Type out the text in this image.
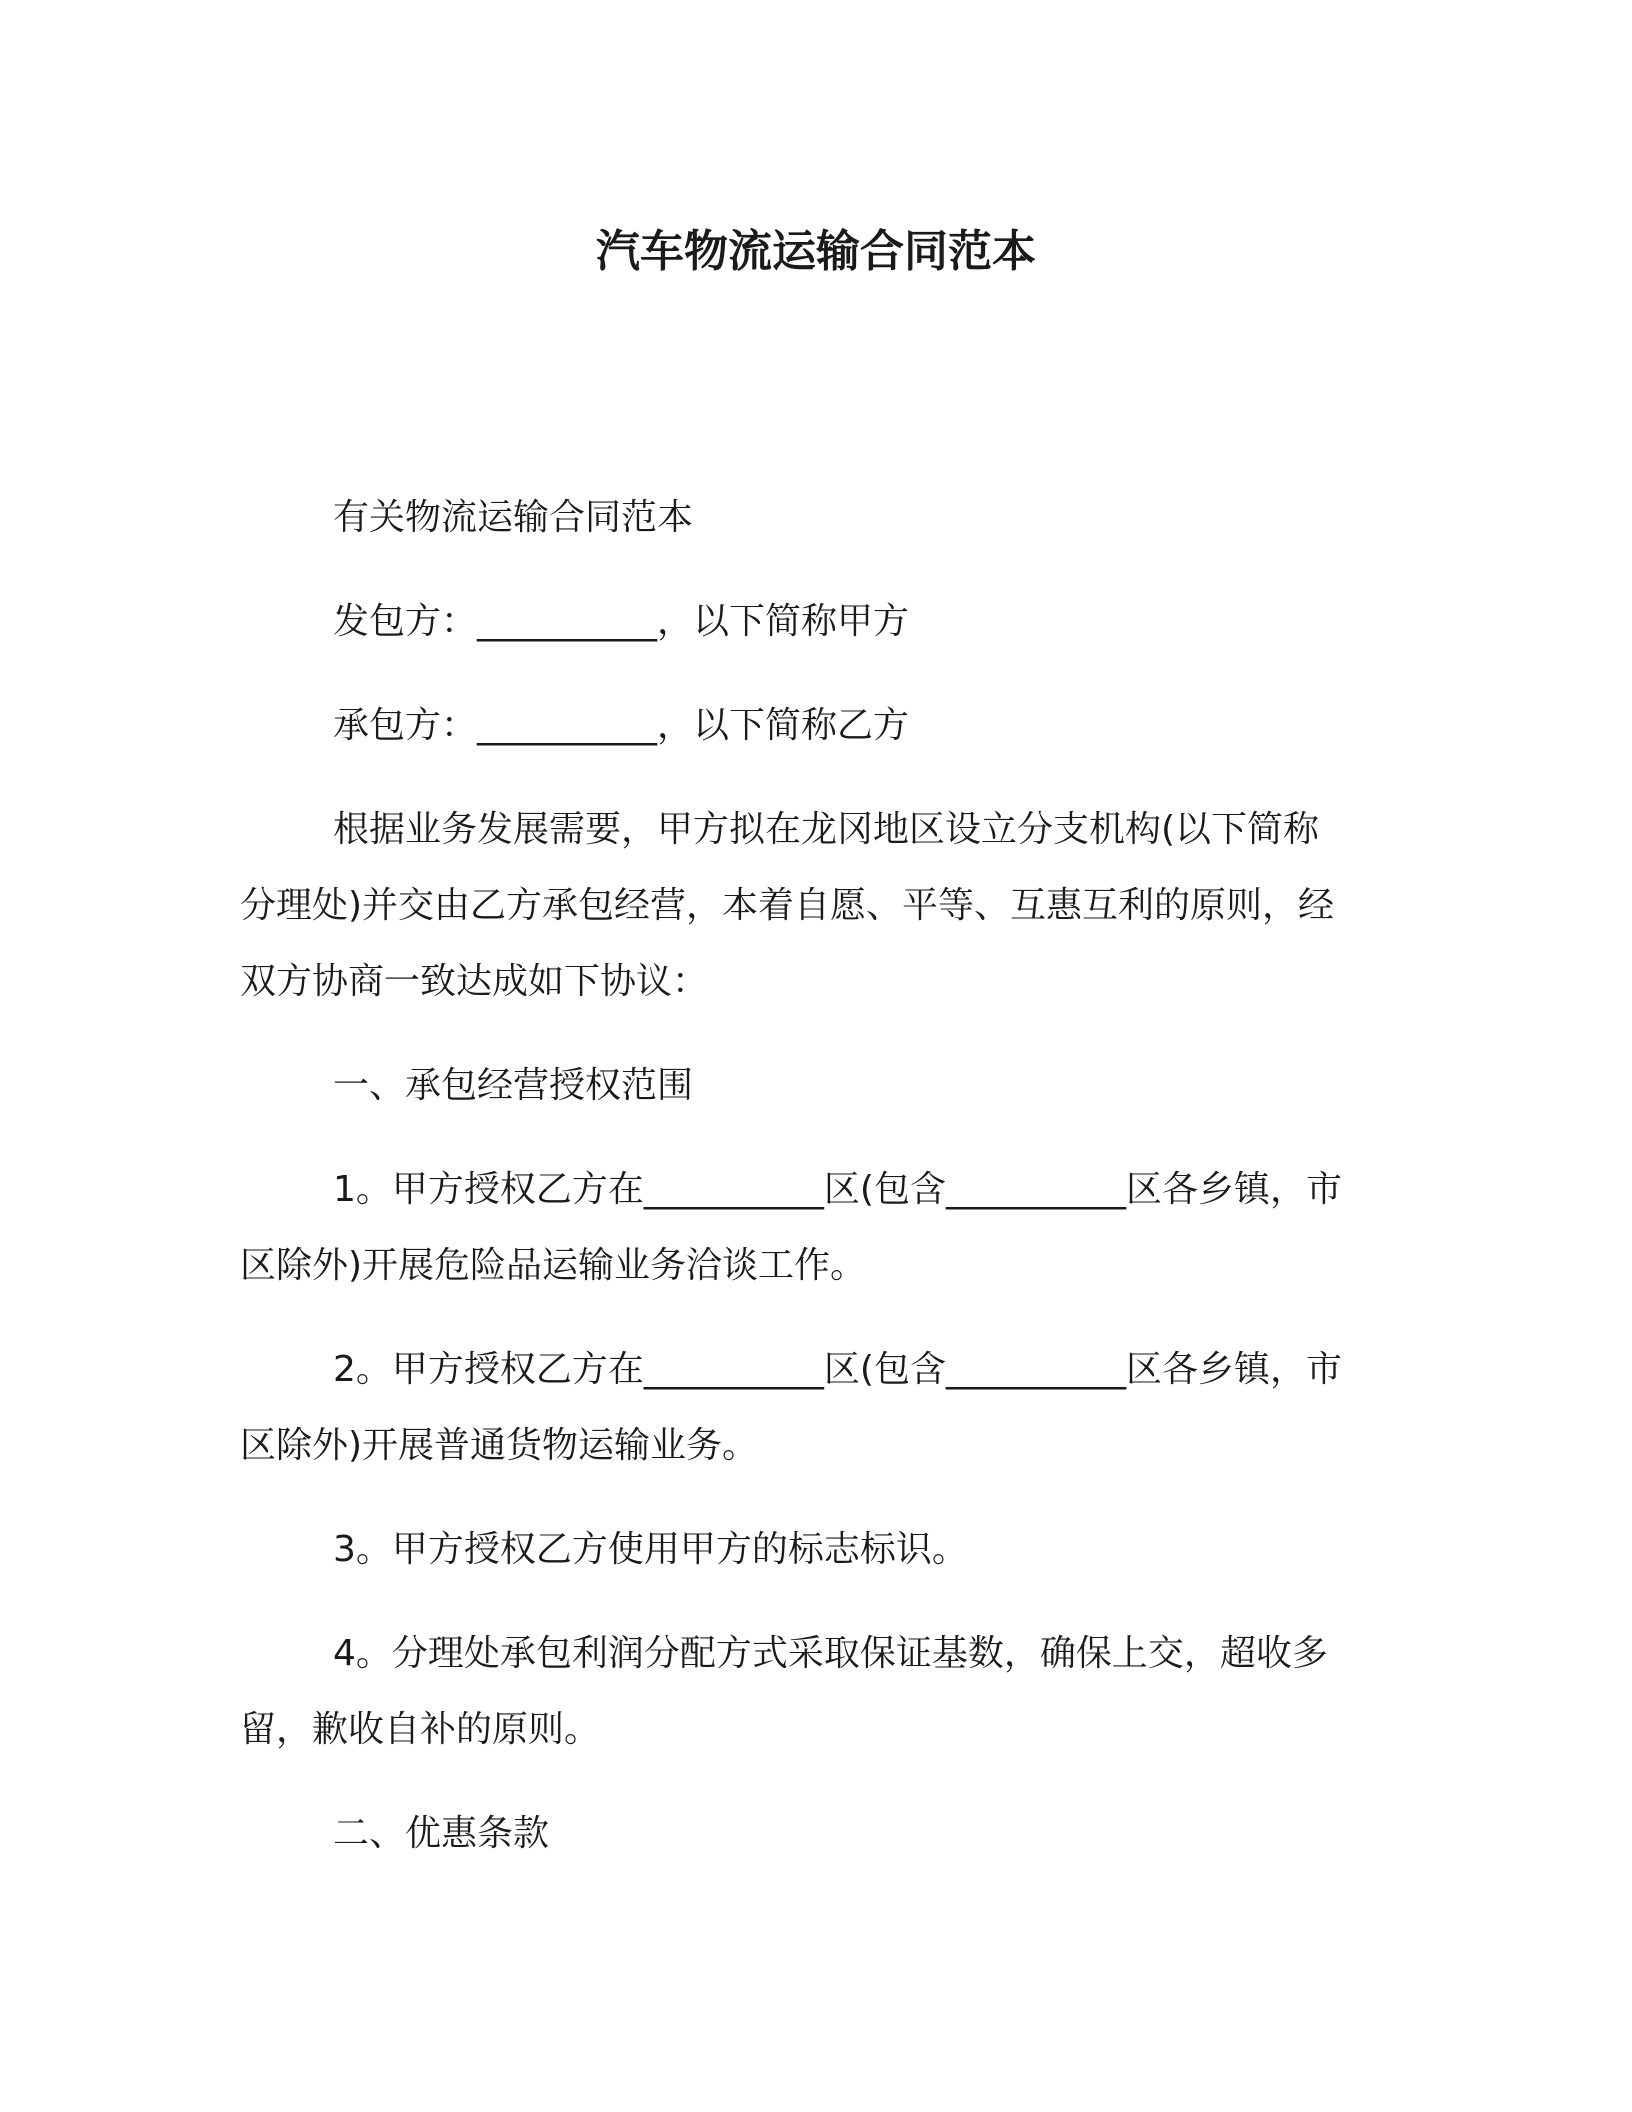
汽车物流运输合同范本
有关物流运输合同范本
发包方：__________，以下简称甲方
承包方：__________，以下简称乙方
根据业务发展需要，甲方拟在龙冈地区设立分支机构(以下简称
分理处)并交由乙方承包经营，本着自愿、平等、互惠互利的原则，经
双方协商一致达成如下协议：
一、承包经营授权范围
1。甲方授权乙方在__________区(包含__________区各乡镇，市
区除外)开展危险品运输业务洽谈工作。
2。甲方授权乙方在__________区(包含__________区各乡镇，市
区除外)开展普通货物运输业务。
3。甲方授权乙方使用甲方的标志标识。
4。分理处承包利润分配方式采取保证基数，确保上交，超收多
留，歉收自补的原则。
二、优惠条款
